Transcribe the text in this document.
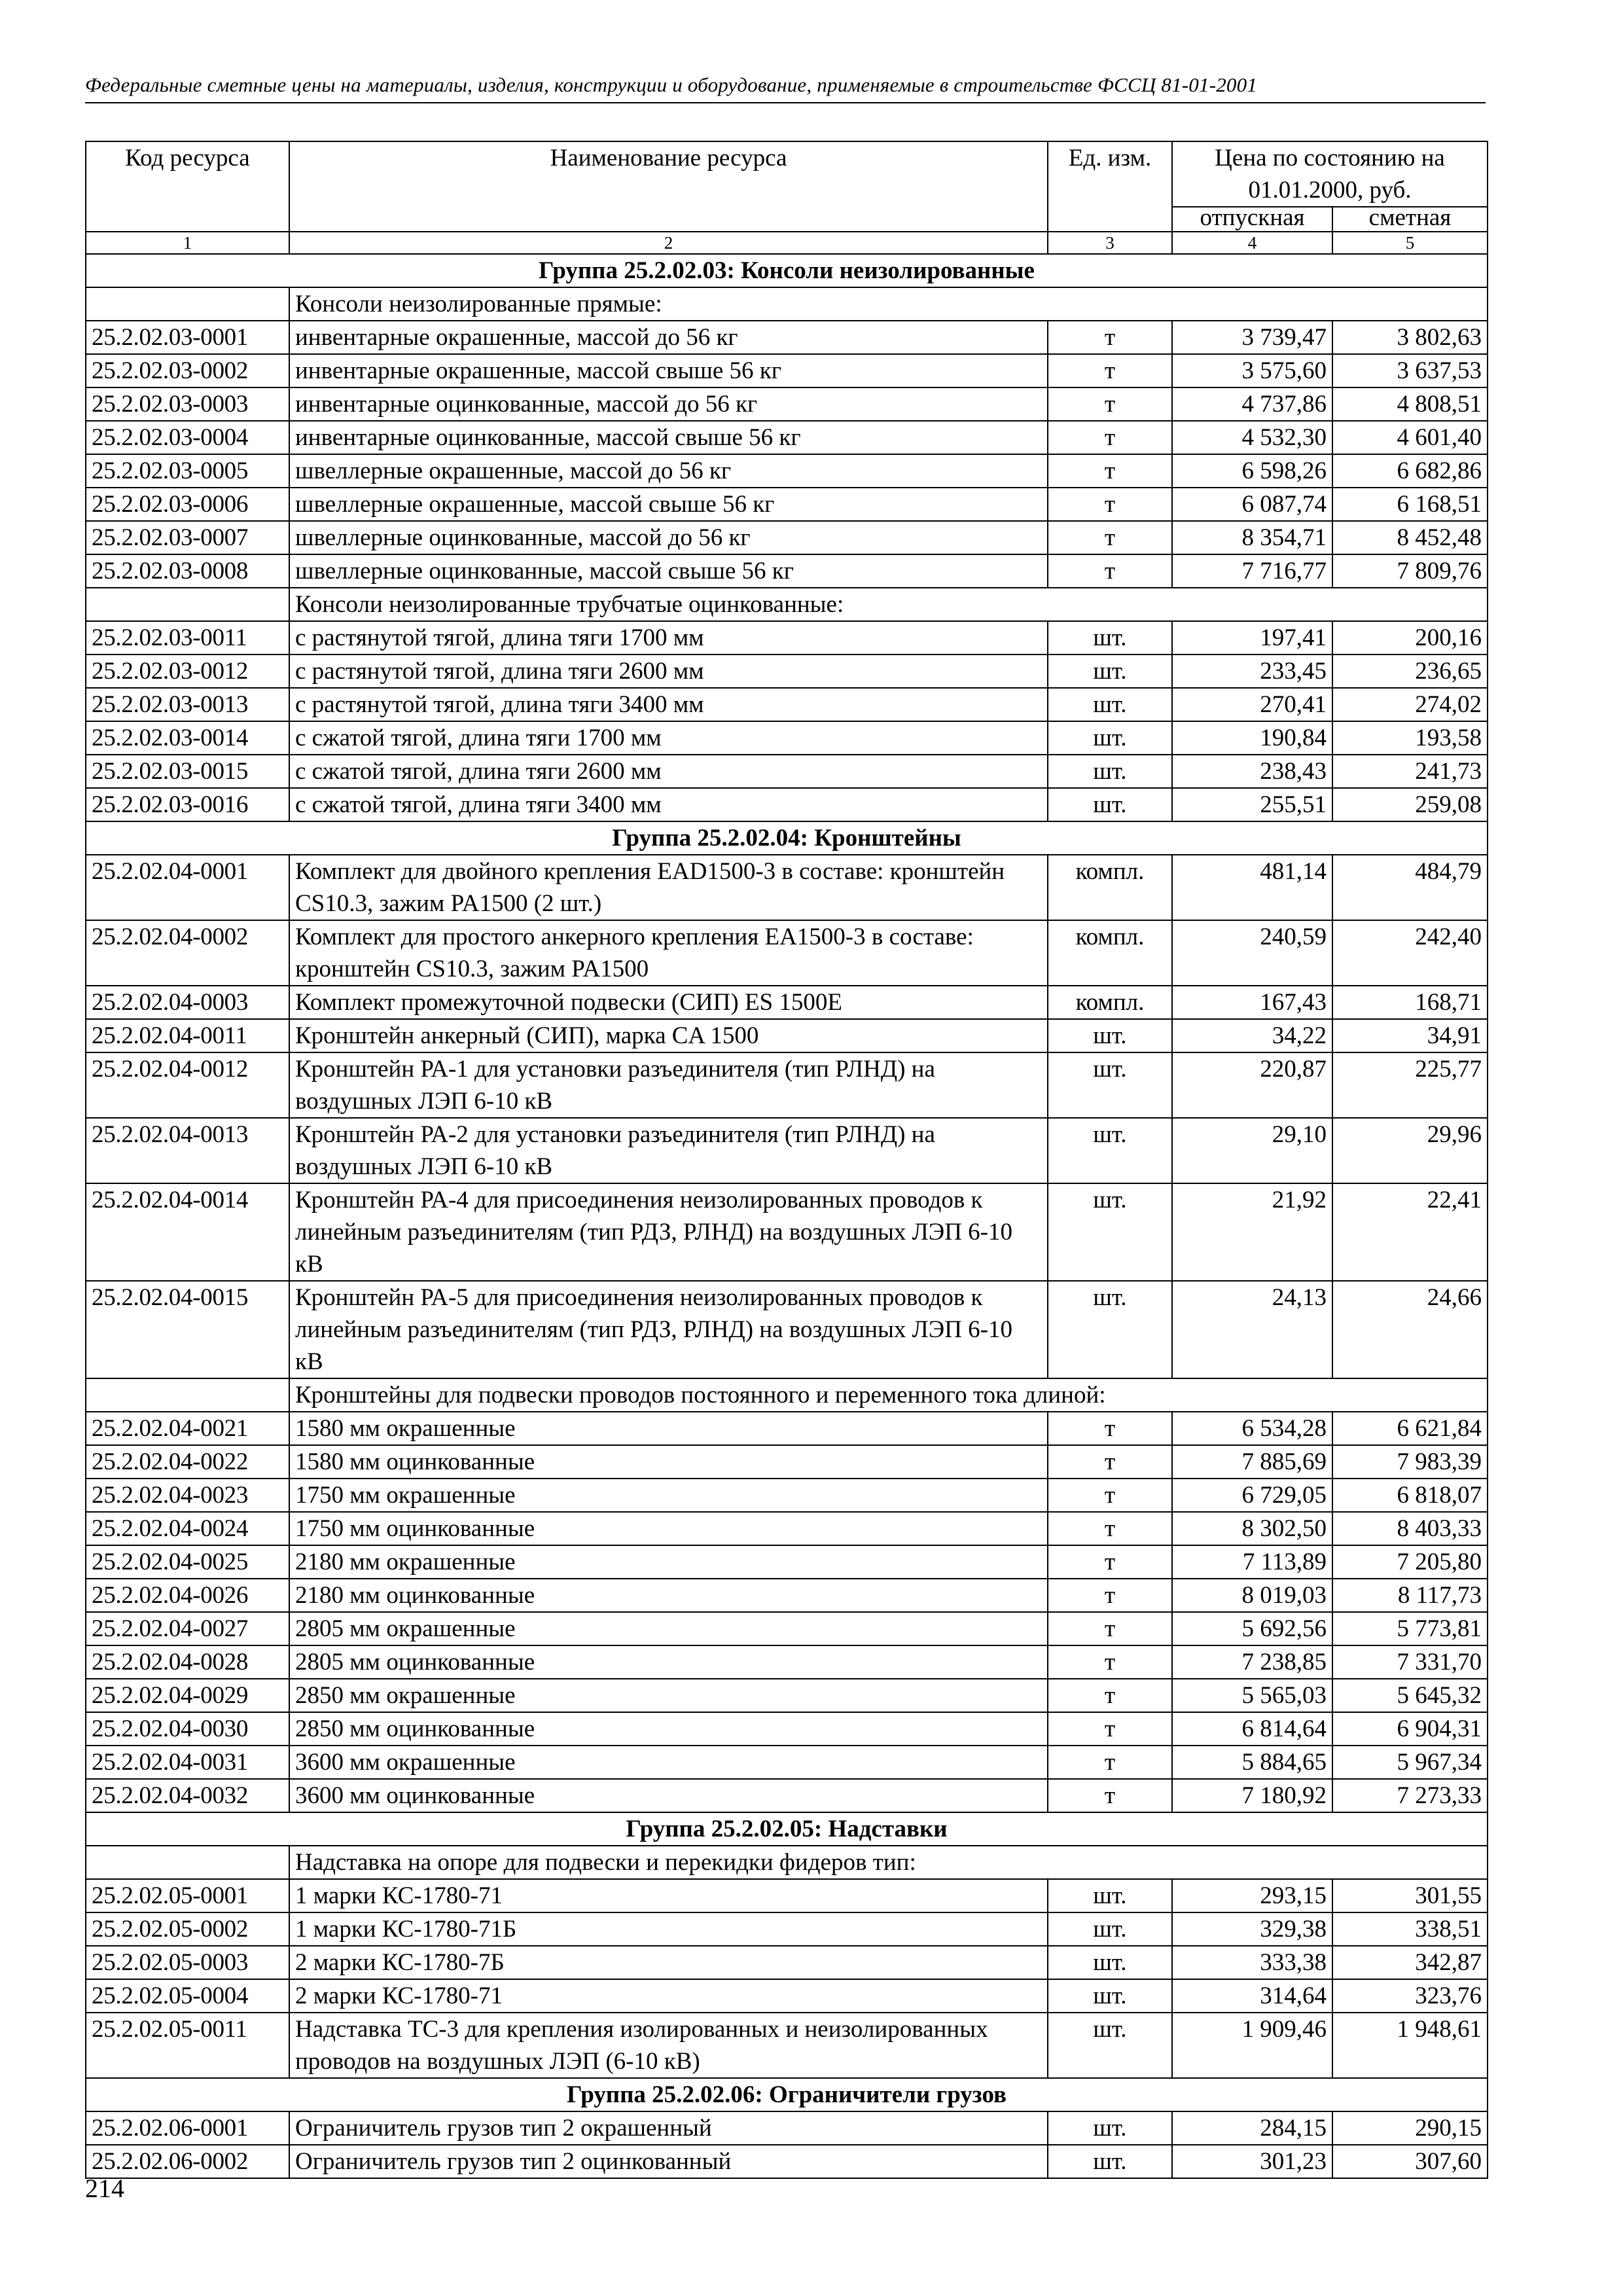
Федеральные сметные цены на материалы, изделия, конструкции и оборудование, применяемые в строительстве ФССЦ 81-01-2001
Код ресурса	Наименование ресурса	Ед. изм.	Цена по состоянию на 01.01.2000, руб.	
			отпускная	сметная
1	2	3	4	5
Группа 25.2.02.03: Консоли неизолированные				
	Консоли неизолированные прямые:			
25.2.02.03-0001	инвентарные окрашенные, массой до 56 кг	т	3 739,47	3 802,63
25.2.02.03-0002	инвентарные окрашенные, массой свыше 56 кг	т	3 575,60	3 637,53
25.2.02.03-0003	инвентарные оцинкованные, массой до 56 кг	т	4 737,86	4 808,51
25.2.02.03-0004	инвентарные оцинкованные, массой свыше 56 кг	т	4 532,30	4 601,40
25.2.02.03-0005	швеллерные окрашенные, массой до 56 кг	т	6 598,26	6 682,86
25.2.02.03-0006	швеллерные окрашенные, массой свыше 56 кг	т	6 087,74	6 168,51
25.2.02.03-0007	швеллерные оцинкованные, массой до 56 кг	т	8 354,71	8 452,48
25.2.02.03-0008	швеллерные оцинкованные, массой свыше 56 кг	т	7 716,77	7 809,76
	Консоли неизолированные трубчатые оцинкованные:			
25.2.02.03-0011	с растянутой тягой, длина тяги 1700 мм	шт.	197,41	200,16
25.2.02.03-0012	с растянутой тягой, длина тяги 2600 мм	шт.	233,45	236,65
25.2.02.03-0013	с растянутой тягой, длина тяги 3400 мм	шт.	270,41	274,02
25.2.02.03-0014	с сжатой тягой, длина тяги 1700 мм	шт.	190,84	193,58
25.2.02.03-0015	с сжатой тягой, длина тяги 2600 мм	шт.	238,43	241,73
25.2.02.03-0016	с сжатой тягой, длина тяги 3400 мм	шт.	255,51	259,08
Группа 25.2.02.04: Кронштейны				
25.2.02.04-0001	Комплект для двойного крепления EAD1500-3 в составе: кронштейн CS10.3, зажим PA1500 (2 шт.)	компл.	481,14	484,79
25.2.02.04-0002	Комплект для простого анкерного крепления EA1500-3 в составе: кронштейн CS10.3, зажим PA1500	компл.	240,59	242,40
25.2.02.04-0003	Комплект промежуточной подвески (СИП) ES 1500E	компл.	167,43	168,71
25.2.02.04-0011	Кронштейн анкерный (СИП), марка CA 1500	шт.	34,22	34,91
25.2.02.04-0012	Кронштейн РА-1 для установки разъединителя (тип РЛНД) на воздушных ЛЭП 6-10 кВ	шт.	220,87	225,77
25.2.02.04-0013	Кронштейн РА-2 для установки разъединителя (тип РЛНД) на воздушных ЛЭП 6-10 кВ	шт.	29,10	29,96
25.2.02.04-0014	Кронштейн РА-4 для присоединения неизолированных проводов к линейным разъединителям (тип РДЗ, РЛНД) на воздушных ЛЭП 6-10 кВ	шт.	21,92	22,41
25.2.02.04-0015	Кронштейн РА-5 для присоединения неизолированных проводов к линейным разъединителям (тип РДЗ, РЛНД) на воздушных ЛЭП 6-10 кВ	шт.	24,13	24,66
	Кронштейны для подвески проводов постоянного и переменного тока длиной:			
25.2.02.04-0021	1580 мм окрашенные	т	6 534,28	6 621,84
25.2.02.04-0022	1580 мм оцинкованные	т	7 885,69	7 983,39
25.2.02.04-0023	1750 мм окрашенные	т	6 729,05	6 818,07
25.2.02.04-0024	1750 мм оцинкованные	т	8 302,50	8 403,33
25.2.02.04-0025	2180 мм окрашенные	т	7 113,89	7 205,80
25.2.02.04-0026	2180 мм оцинкованные	т	8 019,03	8 117,73
25.2.02.04-0027	2805 мм окрашенные	т	5 692,56	5 773,81
25.2.02.04-0028	2805 мм оцинкованные	т	7 238,85	7 331,70
25.2.02.04-0029	2850 мм окрашенные	т	5 565,03	5 645,32
25.2.02.04-0030	2850 мм оцинкованные	т	6 814,64	6 904,31
25.2.02.04-0031	3600 мм окрашенные	т	5 884,65	5 967,34
25.2.02.04-0032	3600 мм оцинкованные	т	7 180,92	7 273,33
Группа 25.2.02.05: Надставки				
	Надставка на опоре для подвески и перекидки фидеров тип:			
25.2.02.05-0001	1 марки КС-1780-71	шт.	293,15	301,55
25.2.02.05-0002	1 марки КС-1780-71Б	шт.	329,38	338,51
25.2.02.05-0003	2 марки КС-1780-7Б	шт.	333,38	342,87
25.2.02.05-0004	2 марки КС-1780-71	шт.	314,64	323,76
25.2.02.05-0011	Надставка ТС-3 для крепления изолированных и неизолированных проводов на воздушных ЛЭП (6-10 кВ)	шт.	1 909,46	1 948,61
Группа 25.2.02.06: Ограничители грузов				
25.2.02.06-0001	Ограничитель грузов тип 2 окрашенный	шт.	284,15	290,15
25.2.02.06-0002	Ограничитель грузов тип 2 оцинкованный	шт.	301,23	307,60
214
